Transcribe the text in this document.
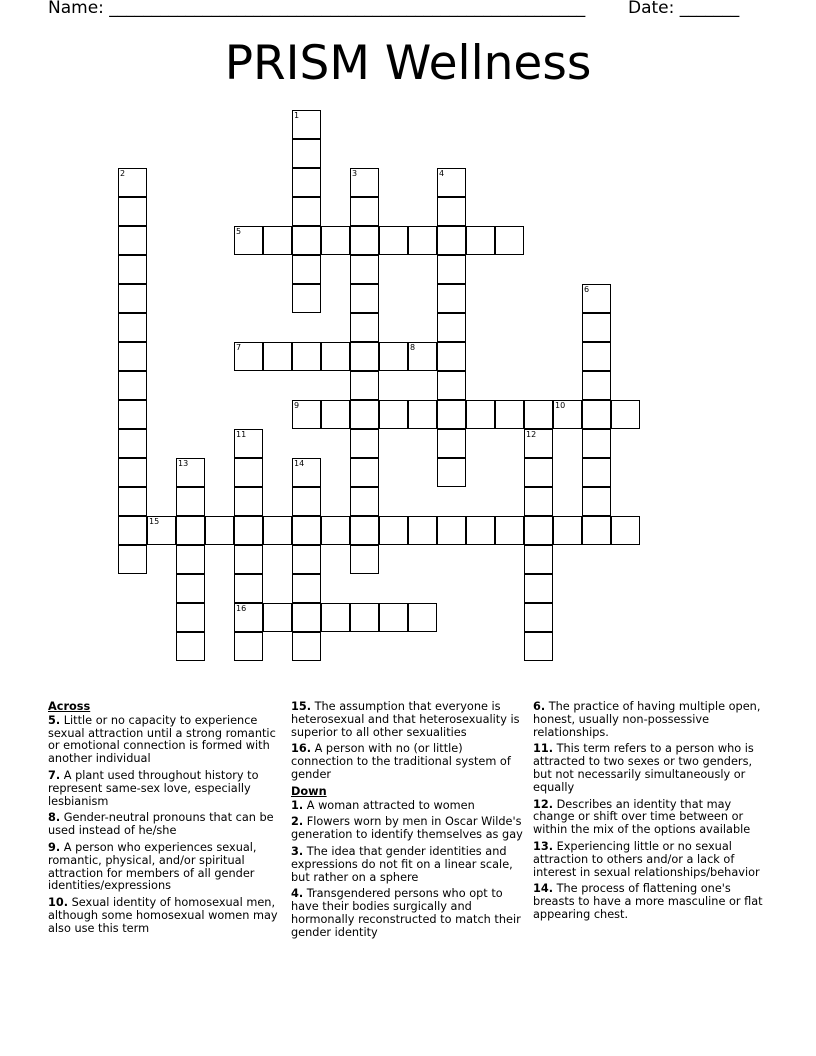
Name: ________________________________________________________	Date: _______
PRISM Wellness
1
2	3	4
5
6
7	8
9	10
11
16
12
13	14
15
Across
5. Little or no capacity to experience sexual attraction until a strong romantic or emotional connection is formed with another individual
7. A plant used throughout history to represent same-sex love, especially lesbianism
8. Gender-neutral pronouns that can be used instead of he/she
9. A person who experiences sexual, romantic, physical, and/or spiritual attraction for members of all gender identities/expressions
10. Sexual identity of homosexual men, although some homosexual women may also use this term
15. The assumption that everyone is heterosexual and that heterosexuality is superior to all other sexualities
16. A person with no (or little) connection to the traditional system of gender
Down
1. A woman attracted to women
2. Flowers worn by men in Oscar Wilde's generation to identify themselves as gay
3. The idea that gender identities and expressions do not fit on a linear scale, but rather on a sphere
4. Transgendered persons who opt to have their bodies surgically and hormonally reconstructed to match their gender identity
6. The practice of having multiple open, honest, usually non-possessive relationships.
11. This term refers to a person who is attracted to two sexes or two genders, but not necessarily simultaneously or equally
12. Describes an identity that may change or shift over time between or within the mix of the options available
13. Experiencing little or no sexual attraction to others and/or a lack of interest in sexual relationships/behavior
14. The process of flattening one's breasts to have a more masculine or flat appearing chest.
